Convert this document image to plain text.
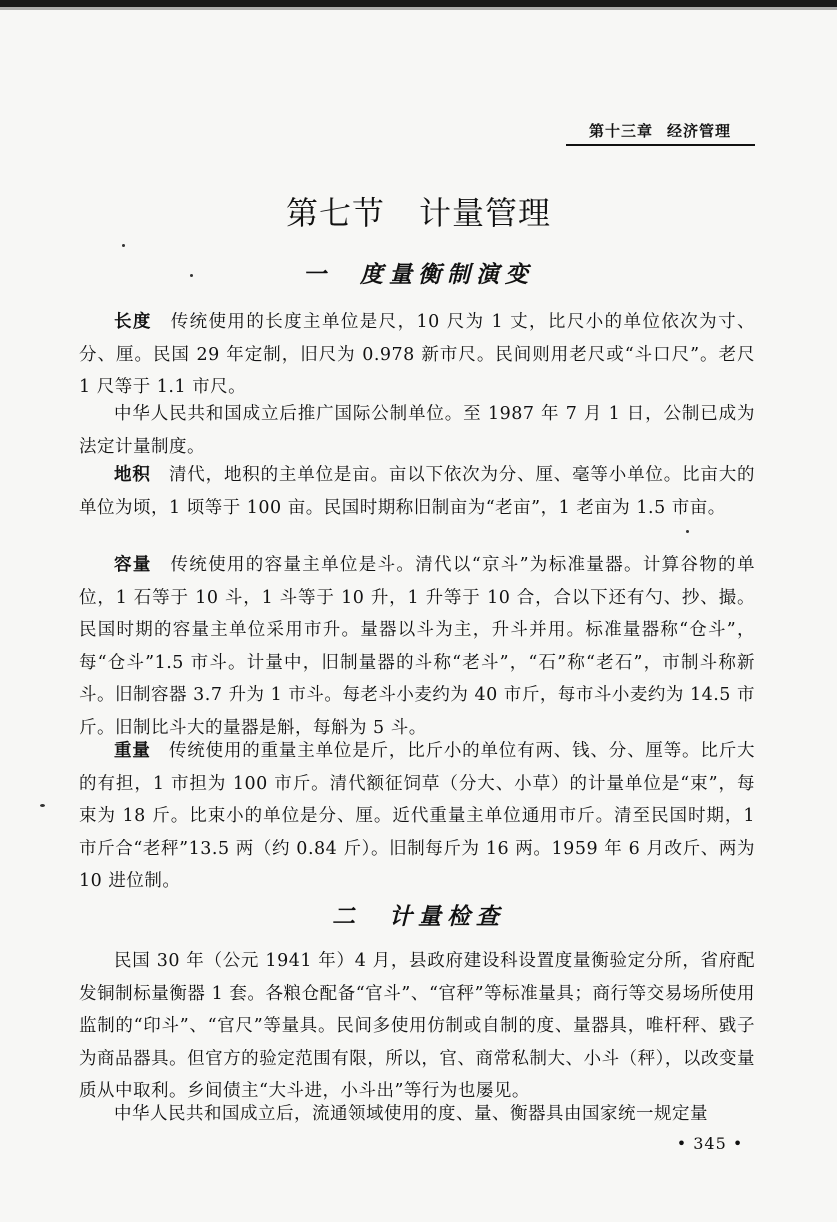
第十三章 经济管理
第七节 计量管理
一 度量衡制演变
长度　 传统使用的长度主单位是尺，10 尺为 1 丈，比尺小的单位依次为寸、分、厘。民国 29 年定制，旧尺为 0.978 新市尺。民间则用老尺或“斗口尺”。老尺 1 尺等于 1.1 市尺。
中华人民共和国成立后推广国际公制单位。至 1987 年 7 月 1 日，公制已成为法定计量制度。
地积　 清代，地积的主单位是亩。亩以下依次为分、厘、毫等小单位。比亩大的单位为顷，1 顷等于 100 亩。民国时期称旧制亩为“老亩”，1 老亩为 1.5 市亩。
容量　 传统使用的容量主单位是斗。清代以“京斗”为标准量器。计算谷物的单位，1 石等于 10 斗，1 斗等于 10 升，1 升等于 10 合，合以下还有勺、抄、撮。民国时期的容量主单位采用市升。量器以斗为主，升斗并用。标准量器称“仓斗”，每“仓斗”1.5 市斗。计量中，旧制量器的斗称“老斗”，“石”称“老石”，市制斗称新斗。旧制容器 3.7 升为 1 市斗。每老斗小麦约为 40 市斤，每市斗小麦约为 14.5 市斤。旧制比斗大的量器是斛，每斛为 5 斗。
重量　 传统使用的重量主单位是斤，比斤小的单位有两、钱、分、厘等。比斤大的有担，1 市担为 100 市斤。清代额征饲草（分大、小草）的计量单位是“束”，每束为 18 斤。比束小的单位是分、厘。近代重量主单位通用市斤。清至民国时期，1 市斤合“老秤”13.5 两（约 0.84 斤）。旧制每斤为 16 两。1959 年 6 月改斤、两为 10 进位制。
二 计量检查
民国 30 年（公元 1941 年）4 月，县政府建设科设置度量衡验定分所，省府配发铜制标量衡器 1 套。各粮仓配备“官斗”、“官秤”等标准量具；商行等交易场所使用监制的“印斗”、“官尺”等量具。民间多使用仿制或自制的度、量器具，唯杆秤、戥子为商品器具。但官方的验定范围有限，所以，官、商常私制大、小斗（秤），以改变量质从中取利。乡间债主“大斗进，小斗出”等行为也屡见。
中华人民共和国成立后，流通领域使用的度、量、衡器具由国家统一规定量
• 345 •
